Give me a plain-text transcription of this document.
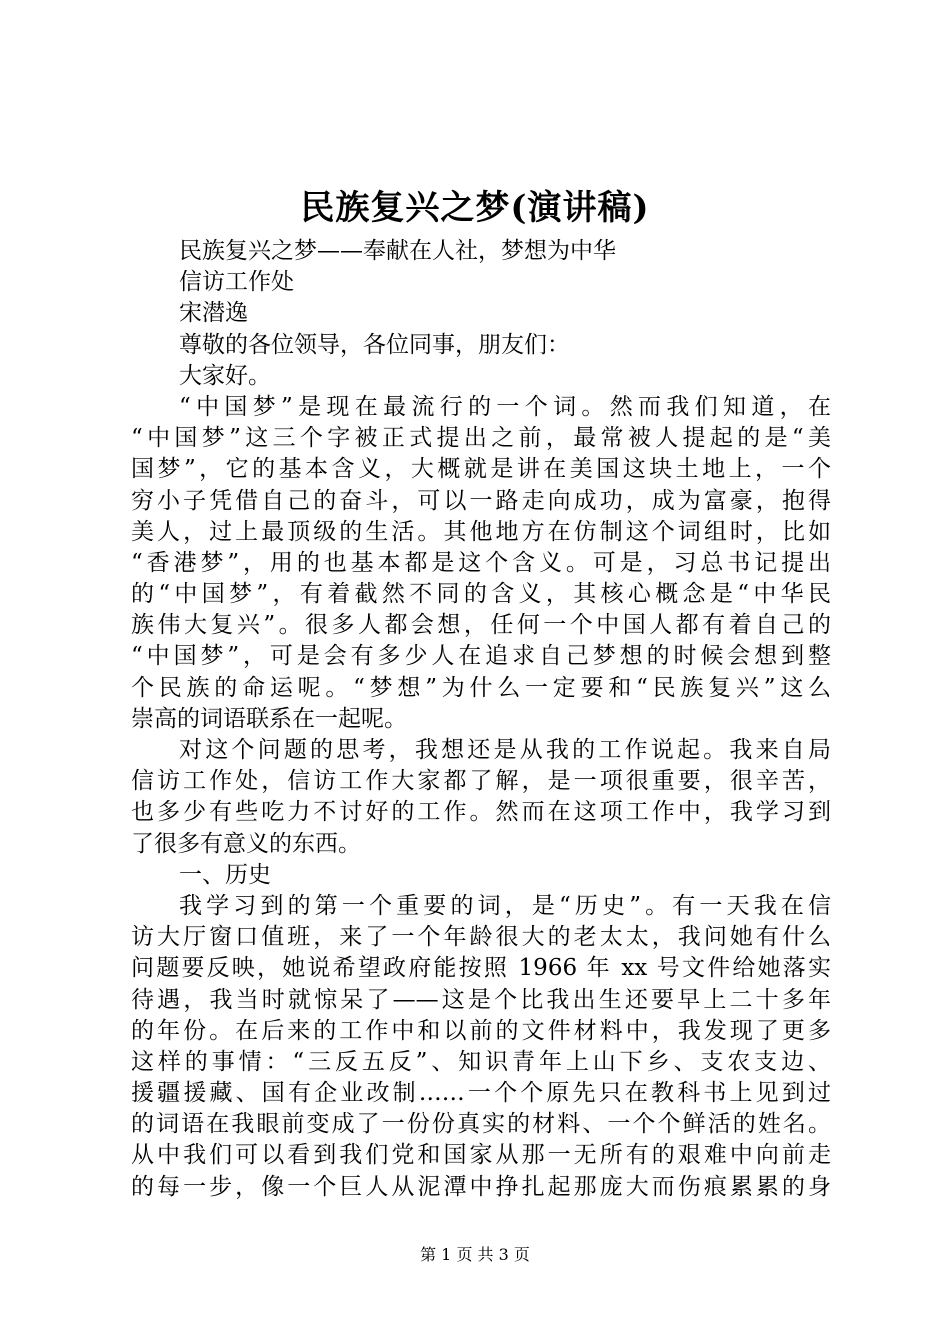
民族复兴之梦(演讲稿)
民族复兴之梦——奉献在人社，梦想为中华
信访工作处
宋潜逸
尊敬的各位领导，各位同事，朋友们：
大家好。
“中国梦”是现在最流行的一个词。然而我们知道，在
“中国梦”这三个字被正式提出之前，最常被人提起的是“美
国梦”，它的基本含义，大概就是讲在美国这块土地上，一个
穷小子凭借自己的奋斗，可以一路走向成功，成为富豪，抱得
美人，过上最顶级的生活。其他地方在仿制这个词组时，比如
“香港梦”，用的也基本都是这个含义。可是，习总书记提出
的“中国梦”，有着截然不同的含义，其核心概念是“中华民
族伟大复兴”。很多人都会想，任何一个中国人都有着自己的
“中国梦”，可是会有多少人在追求自己梦想的时候会想到整
个民族的命运呢。“梦想”为什么一定要和“民族复兴”这么
崇高的词语联系在一起呢。
对这个问题的思考，我想还是从我的工作说起。我来自局
信访工作处，信访工作大家都了解，是一项很重要，很辛苦，
也多少有些吃力不讨好的工作。然而在这项工作中，我学习到
了很多有意义的东西。
一、历史
我学习到的第一个重要的词，是“历史”。有一天我在信
访大厅窗口值班，来了一个年龄很大的老太太，我问她有什么
问题要反映，她说希望政府能按照 1966 年 xx 号文件给她落实
待遇，我当时就惊呆了——这是个比我出生还要早上二十多年
的年份。在后来的工作中和以前的文件材料中，我发现了更多
这样的事情：“三反五反”、知识青年上山下乡、支农支边、
援疆援藏、国有企业改制……一个个原先只在教科书上见到过
的词语在我眼前变成了一份份真实的材料、一个个鲜活的姓名。
从中我们可以看到我们党和国家从那一无所有的艰难中向前走
的每一步，像一个巨人从泥潭中挣扎起那庞大而伤痕累累的身
第 1 页 共 3 页
